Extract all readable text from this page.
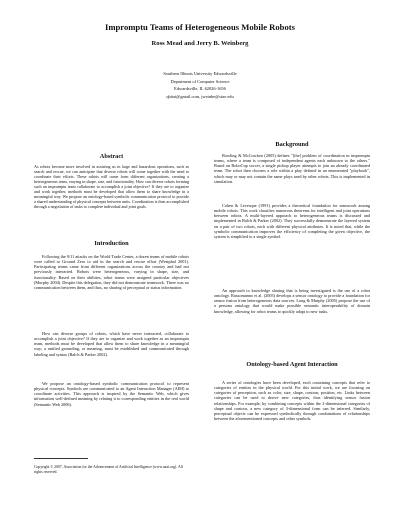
Impromptu Teams of Heterogeneous Mobile Robots
Ross Mead and Jerry B. Weinberg
Southern Illinois University Edwardsville
Department of Computer Science
Edwardsville, IL 62026-1656
qbitai@gmail.com, jweinbe@siue.edu
Abstract

As robots become more involved in assisting us in large and hazardous operations, such as search and rescue, we can anticipate that diverse robots will come together with the need to coordinate their efforts. These robots will come from different organizations, creating a heterogeneous team, varying in shape, size, and functionality. How can diverse robots forming such an impromptu team collaborate to accomplish a joint objective? If they are to organize and work together, methods must be developed that allow them to share knowledge in a meaningful way. We propose an ontology-based symbolic communication protocol to provide a shared understanding of physical concepts between units. Coordination is then accomplished through a negotiation of tasks to complete individual and joint goals.

Introduction

Following the 9/11 attacks on the World Trade Center, a dozen teams of mobile robots were called to Ground Zero to aid in the search and rescue effort (Westphal 2001). Participating teams came from different organizations across the country and had not previously interacted. Robots were heterogeneous, varying in shape, size, and functionality. Based on their abilities, robot teams were assigned particular objectives (Murphy 2004). Despite this delegation, they did not demonstrate teamwork. There was no communication between them, and thus, no sharing of perceptual or status information.

How can diverse groups of robots, which have never interacted, collaborate to accomplish a joint objective? If they are to organize and work together as an impromptu team, methods must be developed that allow them to share knowledge in a meaningful way; a unified grounding, or meaning, must be established and communicated through labeling and syntax (Balch & Parker 2002).

We propose an ontology-based symbolic communication protocol to represent physical concepts. Symbols are communicated to an Agent Interaction Manager (AIM) to coordinate activities. This approach is inspired by the Semantic Web, which gives information well-defined meaning by relating it to corresponding entities in the real world (Semantic Web 2006).

Copyright © 2007, Association for the Advancement of Artificial Intelligence (www.aaai.org). All rights reserved.
Background

Bowling & McCracken (2005) defines "[the] problem of coordination in impromptu teams, where a team is composed of independent agents each unknown to the others." Based on RoboCup soccer, a single pickup player attempts to join an already coordinated team. The robot then chooses a role within a play defined in an enumerated "playbook", which may or may not contain the same plays used by other robots. This is implemented in simulation.

Cohen & Levesque (1991) provides a theoretical foundation for teamwork among mobile robots. This work classifies numerous theorems for intelligent and joint operations between robots. A multi-layered approach to heterogeneous teams is discussed and implemented in Balch & Parker (2002). They successfully demonstrate the layered system on a pair of two robots, each with different physical attributes. It is noted that, while the symbolic communication improves the efficiency of completing the given objective, the system is simplified to a single symbol.

An approach to knowledge sharing that is being investigated is the use of a robot ontology. Russomanno et al. (2005) develops a sensor ontology to provide a foundation for sensor fusion from heterogeneous data sources. Long & Murphy (2005) propose the use of a persona ontology that would make possible semantic interoperability of domain knowledge, allowing for robot teams to quickly adapt to new tasks.

Ontology-based Agent Interaction

A series of ontologies have been developed, each containing concepts that refer to categories of entities in the physical world. For this initial work, we are focusing on categories of perception, such as color, size, shape, contour, position, etc. Links between categories can be used to derive new categories, thus identifying sensor fusion relationships. For example, by combining concepts within the 2-dimensional categories of shape and contour, a new category of 3-dimensional form can be inferred. Similarly, perceptual objects can be expressed symbolically through combinations of relationships between the aforementioned concepts and other symbols.
